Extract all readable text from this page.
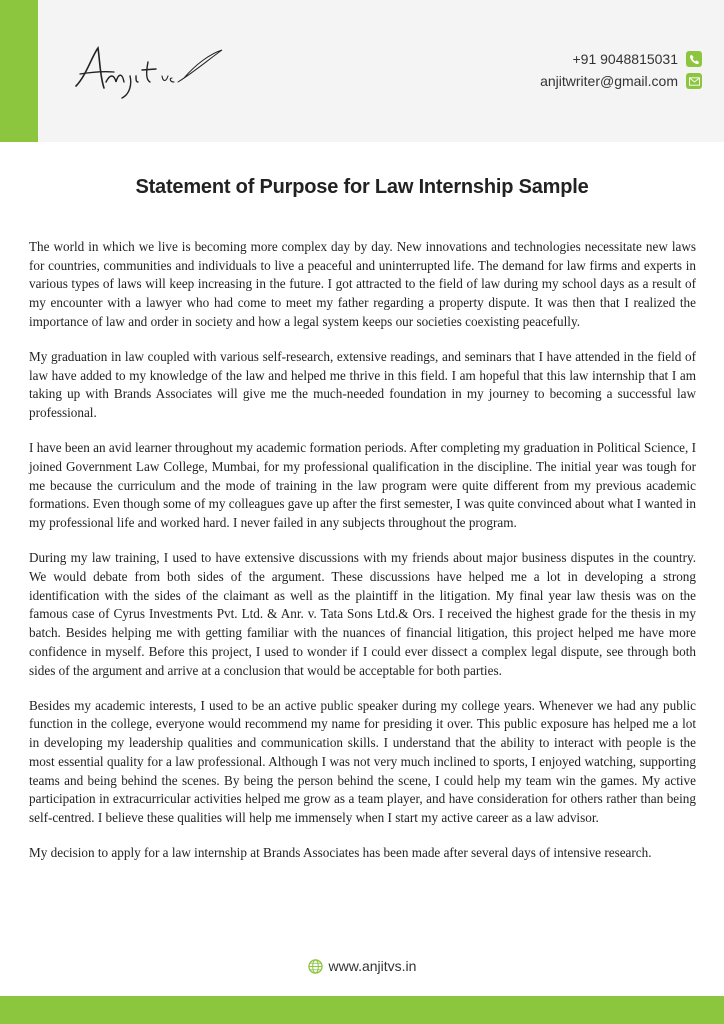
+91 9048815031
anjitwriter@gmail.com
Statement of Purpose for Law Internship Sample

The world in which we live is becoming more complex day by day. New innovations and technologies necessitate new laws for countries, communities and individuals to live a peaceful and uninterrupted life. The demand for law firms and experts in various types of laws will keep increasing in the future. I got attracted to the field of law during my school days as a result of my encounter with a lawyer who had come to meet my father regarding a property dispute. It was then that I realized the importance of law and order in society and how a legal system keeps our societies coexisting peacefully.

My graduation in law coupled with various self-research, extensive readings, and seminars that I have attended in the field of law have added to my knowledge of the law and helped me thrive in this field. I am hopeful that this law internship that I am taking up with Brands Associates will give me the much-needed foundation in my journey to becoming a successful law professional.

I have been an avid learner throughout my academic formation periods. After completing my graduation in Political Science, I joined Government Law College, Mumbai, for my professional qualification in the discipline. The initial year was tough for me because the curriculum and the mode of training in the law program were quite different from my previous academic formations. Even though some of my colleagues gave up after the first semester, I was quite convinced about what I wanted in my professional life and worked hard. I never failed in any subjects throughout the program.

During my law training, I used to have extensive discussions with my friends about major business disputes in the country. We would debate from both sides of the argument. These discussions have helped me a lot in developing a strong identification with the sides of the claimant as well as the plaintiff in the litigation. My final year law thesis was on the famous case of Cyrus Investments Pvt. Ltd. & Anr. v. Tata Sons Ltd.& Ors. I received the highest grade for the thesis in my batch. Besides helping me with getting familiar with the nuances of financial litigation, this project helped me have more confidence in myself. Before this project, I used to wonder if I could ever dissect a complex legal dispute, see through both sides of the argument and arrive at a conclusion that would be acceptable for both parties.

Besides my academic interests, I used to be an active public speaker during my college years. Whenever we had any public function in the college, everyone would recommend my name for presiding it over. This public exposure has helped me a lot in developing my leadership qualities and communication skills. I understand that the ability to interact with people is the most essential quality for a law professional. Although I was not very much inclined to sports, I enjoyed watching, supporting teams and being behind the scenes. By being the person behind the scene, I could help my team win the games. My active participation in extracurricular activities helped me grow as a team player, and have consideration for others rather than being self-centred. I believe these qualities will help me immensely when I start my active career as a law advisor.

My decision to apply for a law internship at Brands Associates has been made after several days of intensive research.

www.anjitvs.in
